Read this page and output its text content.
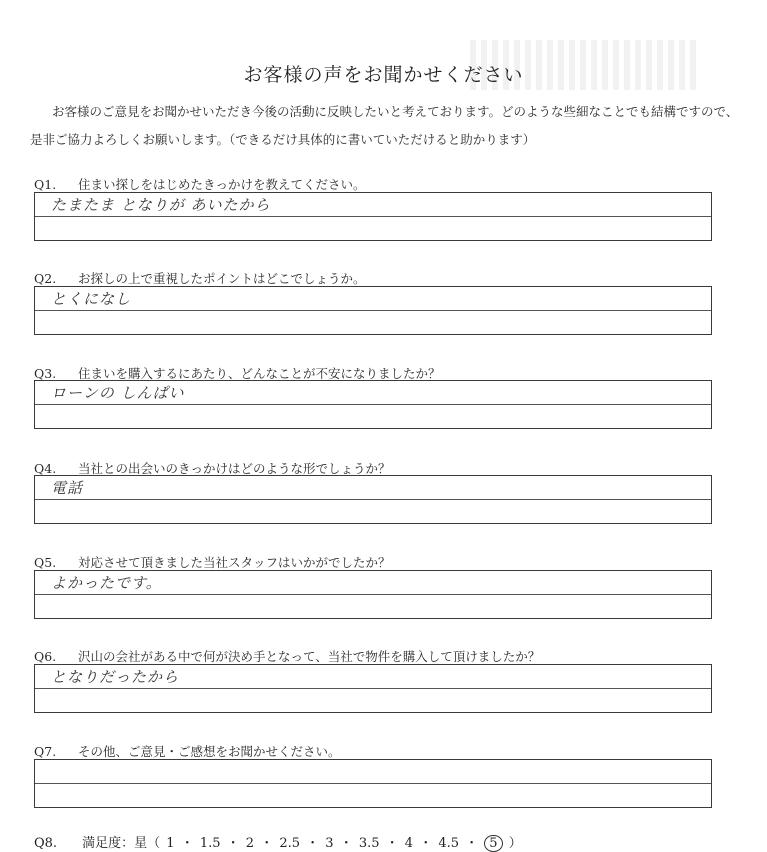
お客様の声をお聞かせください
お客様のご意見をお聞かせいただき今後の活動に反映したいと考えております。どのような些細なことでも結構ですので、是非ご協力よろしくお願いします。（できるだけ具体的に書いていただけると助かります）
Q1. 住まい探しをはじめたきっかけを教えてください。
たまたま となりが あいたから
Q2. お探しの上で重視したポイントはどこでしょうか。
とくになし
Q3. 住まいを購入するにあたり、どんなことが不安になりましたか？
ローンの しんぱい
Q4. 当社との出会いのきっかけはどのような形でしょうか？
電話
Q5. 対応させて頂きました当社スタッフはいかがでしたか？
よかったです。
Q6. 沢山の会社がある中で何が決め手となって、当社で物件を購入して頂けましたか？
となりだったから
Q7. その他、ご意見・ご感想をお聞かせください。
Q8. 満足度：星（ 1 ・ 1.5 ・ 2 ・ 2.5 ・ 3 ・ 3.5 ・ 4 ・ 4.5 ・ 5 ）
